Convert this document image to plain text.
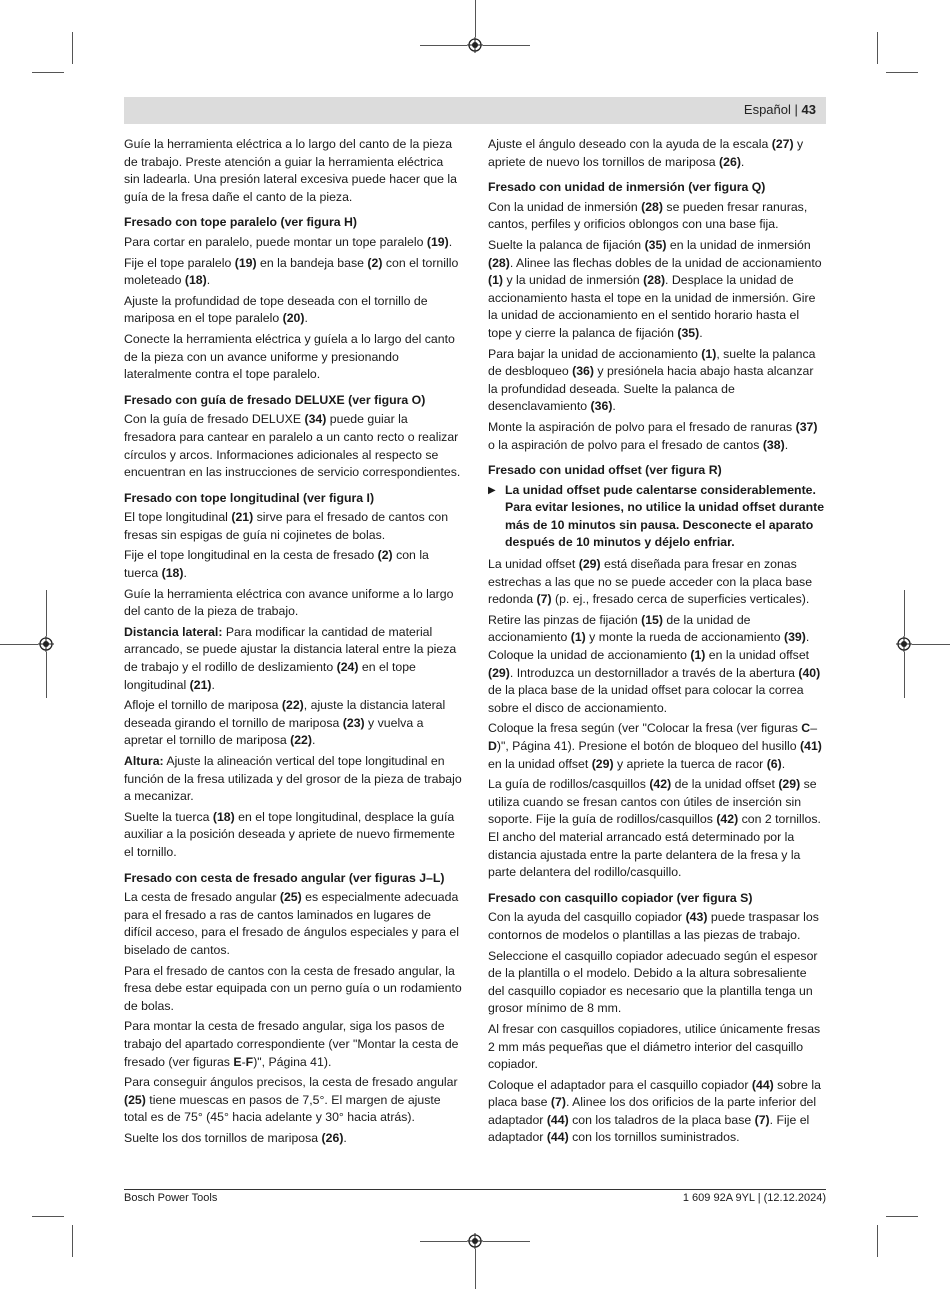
Español | 43

Guíe la herramienta eléctrica a lo largo del canto de la pieza de trabajo. Preste atención a guiar la herramienta eléctrica sin ladearla. Una presión lateral excesiva puede hacer que la guía de la fresa dañe el canto de la pieza.

Fresado con tope paralelo (ver figura H)

Para cortar en paralelo, puede montar un tope paralelo (19).

Fije el tope paralelo (19) en la bandeja base (2) con el tornillo moleteado (18).

Ajuste la profundidad de tope deseada con el tornillo de mariposa en el tope paralelo (20).

Conecte la herramienta eléctrica y guíela a lo largo del canto de la pieza con un avance uniforme y presionando lateralmente contra el tope paralelo.

Fresado con guía de fresado DELUXE (ver figura O)

Con la guía de fresado DELUXE (34) puede guiar la fresadora para cantear en paralelo a un canto recto o realizar círculos y arcos. Informaciones adicionales al respecto se encuentran en las instrucciones de servicio correspondientes.

Fresado con tope longitudinal (ver figura I)

El tope longitudinal (21) sirve para el fresado de cantos con fresas sin espigas de guía ni cojinetes de bolas.

Fije el tope longitudinal en la cesta de fresado (2) con la tuerca (18).

Guíe la herramienta eléctrica con avance uniforme a lo largo del canto de la pieza de trabajo.

Distancia lateral: Para modificar la cantidad de material arrancado, se puede ajustar la distancia lateral entre la pieza de trabajo y el rodillo de deslizamiento (24) en el tope longitudinal (21).

Afloje el tornillo de mariposa (22), ajuste la distancia lateral deseada girando el tornillo de mariposa (23) y vuelva a apretar el tornillo de mariposa (22).

Altura: Ajuste la alineación vertical del tope longitudinal en función de la fresa utilizada y del grosor de la pieza de trabajo a mecanizar.

Suelte la tuerca (18) en el tope longitudinal, desplace la guía auxiliar a la posición deseada y apriete de nuevo firmemente el tornillo.

Fresado con cesta de fresado angular (ver figuras J–L)

La cesta de fresado angular (25) es especialmente adecuada para el fresado a ras de cantos laminados en lugares de difícil acceso, para el fresado de ángulos especiales y para el biselado de cantos.

Para el fresado de cantos con la cesta de fresado angular, la fresa debe estar equipada con un perno guía o un rodamiento de bolas.

Para montar la cesta de fresado angular, siga los pasos de trabajo del apartado correspondiente (ver "Montar la cesta de fresado (ver figuras E-F)", Página 41).

Para conseguir ángulos precisos, la cesta de fresado angular (25) tiene muescas en pasos de 7,5°. El margen de ajuste total es de 75° (45° hacia adelante y 30° hacia atrás).

Suelte los dos tornillos de mariposa (26).

Ajuste el ángulo deseado con la ayuda de la escala (27) y apriete de nuevo los tornillos de mariposa (26).

Fresado con unidad de inmersión (ver figura Q)

Con la unidad de inmersión (28) se pueden fresar ranuras, cantos, perfiles y orificios oblongos con una base fija.

Suelte la palanca de fijación (35) en la unidad de inmersión (28). Alinee las flechas dobles de la unidad de accionamiento (1) y la unidad de inmersión (28). Desplace la unidad de accionamiento hasta el tope en la unidad de inmersión. Gire la unidad de accionamiento en el sentido horario hasta el tope y cierre la palanca de fijación (35).

Para bajar la unidad de accionamiento (1), suelte la palanca de desbloqueo (36) y presiónela hacia abajo hasta alcanzar la profundidad deseada. Suelte la palanca de desenclavamiento (36).

Monte la aspiración de polvo para el fresado de ranuras (37) o la aspiración de polvo para el fresado de cantos (38).

Fresado con unidad offset (ver figura R)
▶ La unidad offset pude calentarse considerablemente. Para evitar lesiones, no utilice la unidad offset durante más de 10 minutos sin pausa. Desconecte el aparato después de 10 minutos y déjelo enfriar.

La unidad offset (29) está diseñada para fresar en zonas estrechas a las que no se puede acceder con la placa base redonda (7) (p. ej., fresado cerca de superficies verticales).

Retire las pinzas de fijación (15) de la unidad de accionamiento (1) y monte la rueda de accionamiento (39). Coloque la unidad de accionamiento (1) en la unidad offset (29). Introduzca un destornillador a través de la abertura (40) de la placa base de la unidad offset para colocar la correa sobre el disco de accionamiento.

Coloque la fresa según (ver "Colocar la fresa (ver figuras C–D)", Página 41). Presione el botón de bloqueo del husillo (41) en la unidad offset (29) y apriete la tuerca de racor (6).

La guía de rodillos/casquillos (42) de la unidad offset (29) se utiliza cuando se fresan cantos con útiles de inserción sin soporte. Fije la guía de rodillos/casquillos (42) con 2 tornillos. El ancho del material arrancado está determinado por la distancia ajustada entre la parte delantera de la fresa y la parte delantera del rodillo/casquillo.

Fresado con casquillo copiador (ver figura S)

Con la ayuda del casquillo copiador (43) puede traspasar los contornos de modelos o plantillas a las piezas de trabajo.

Seleccione el casquillo copiador adecuado según el espesor de la plantilla o el modelo. Debido a la altura sobresaliente del casquillo copiador es necesario que la plantilla tenga un grosor mínimo de 8 mm.

Al fresar con casquillos copiadores, utilice únicamente fresas 2 mm más pequeñas que el diámetro interior del casquillo copiador.

Coloque el adaptador para el casquillo copiador (44) sobre la placa base (7). Alinee los dos orificios de la parte inferior del adaptador (44) con los taladros de la placa base (7). Fije el adaptador (44) con los tornillos suministrados.

Bosch Power Tools	1 609 92A 9YL | (12.12.2024)
